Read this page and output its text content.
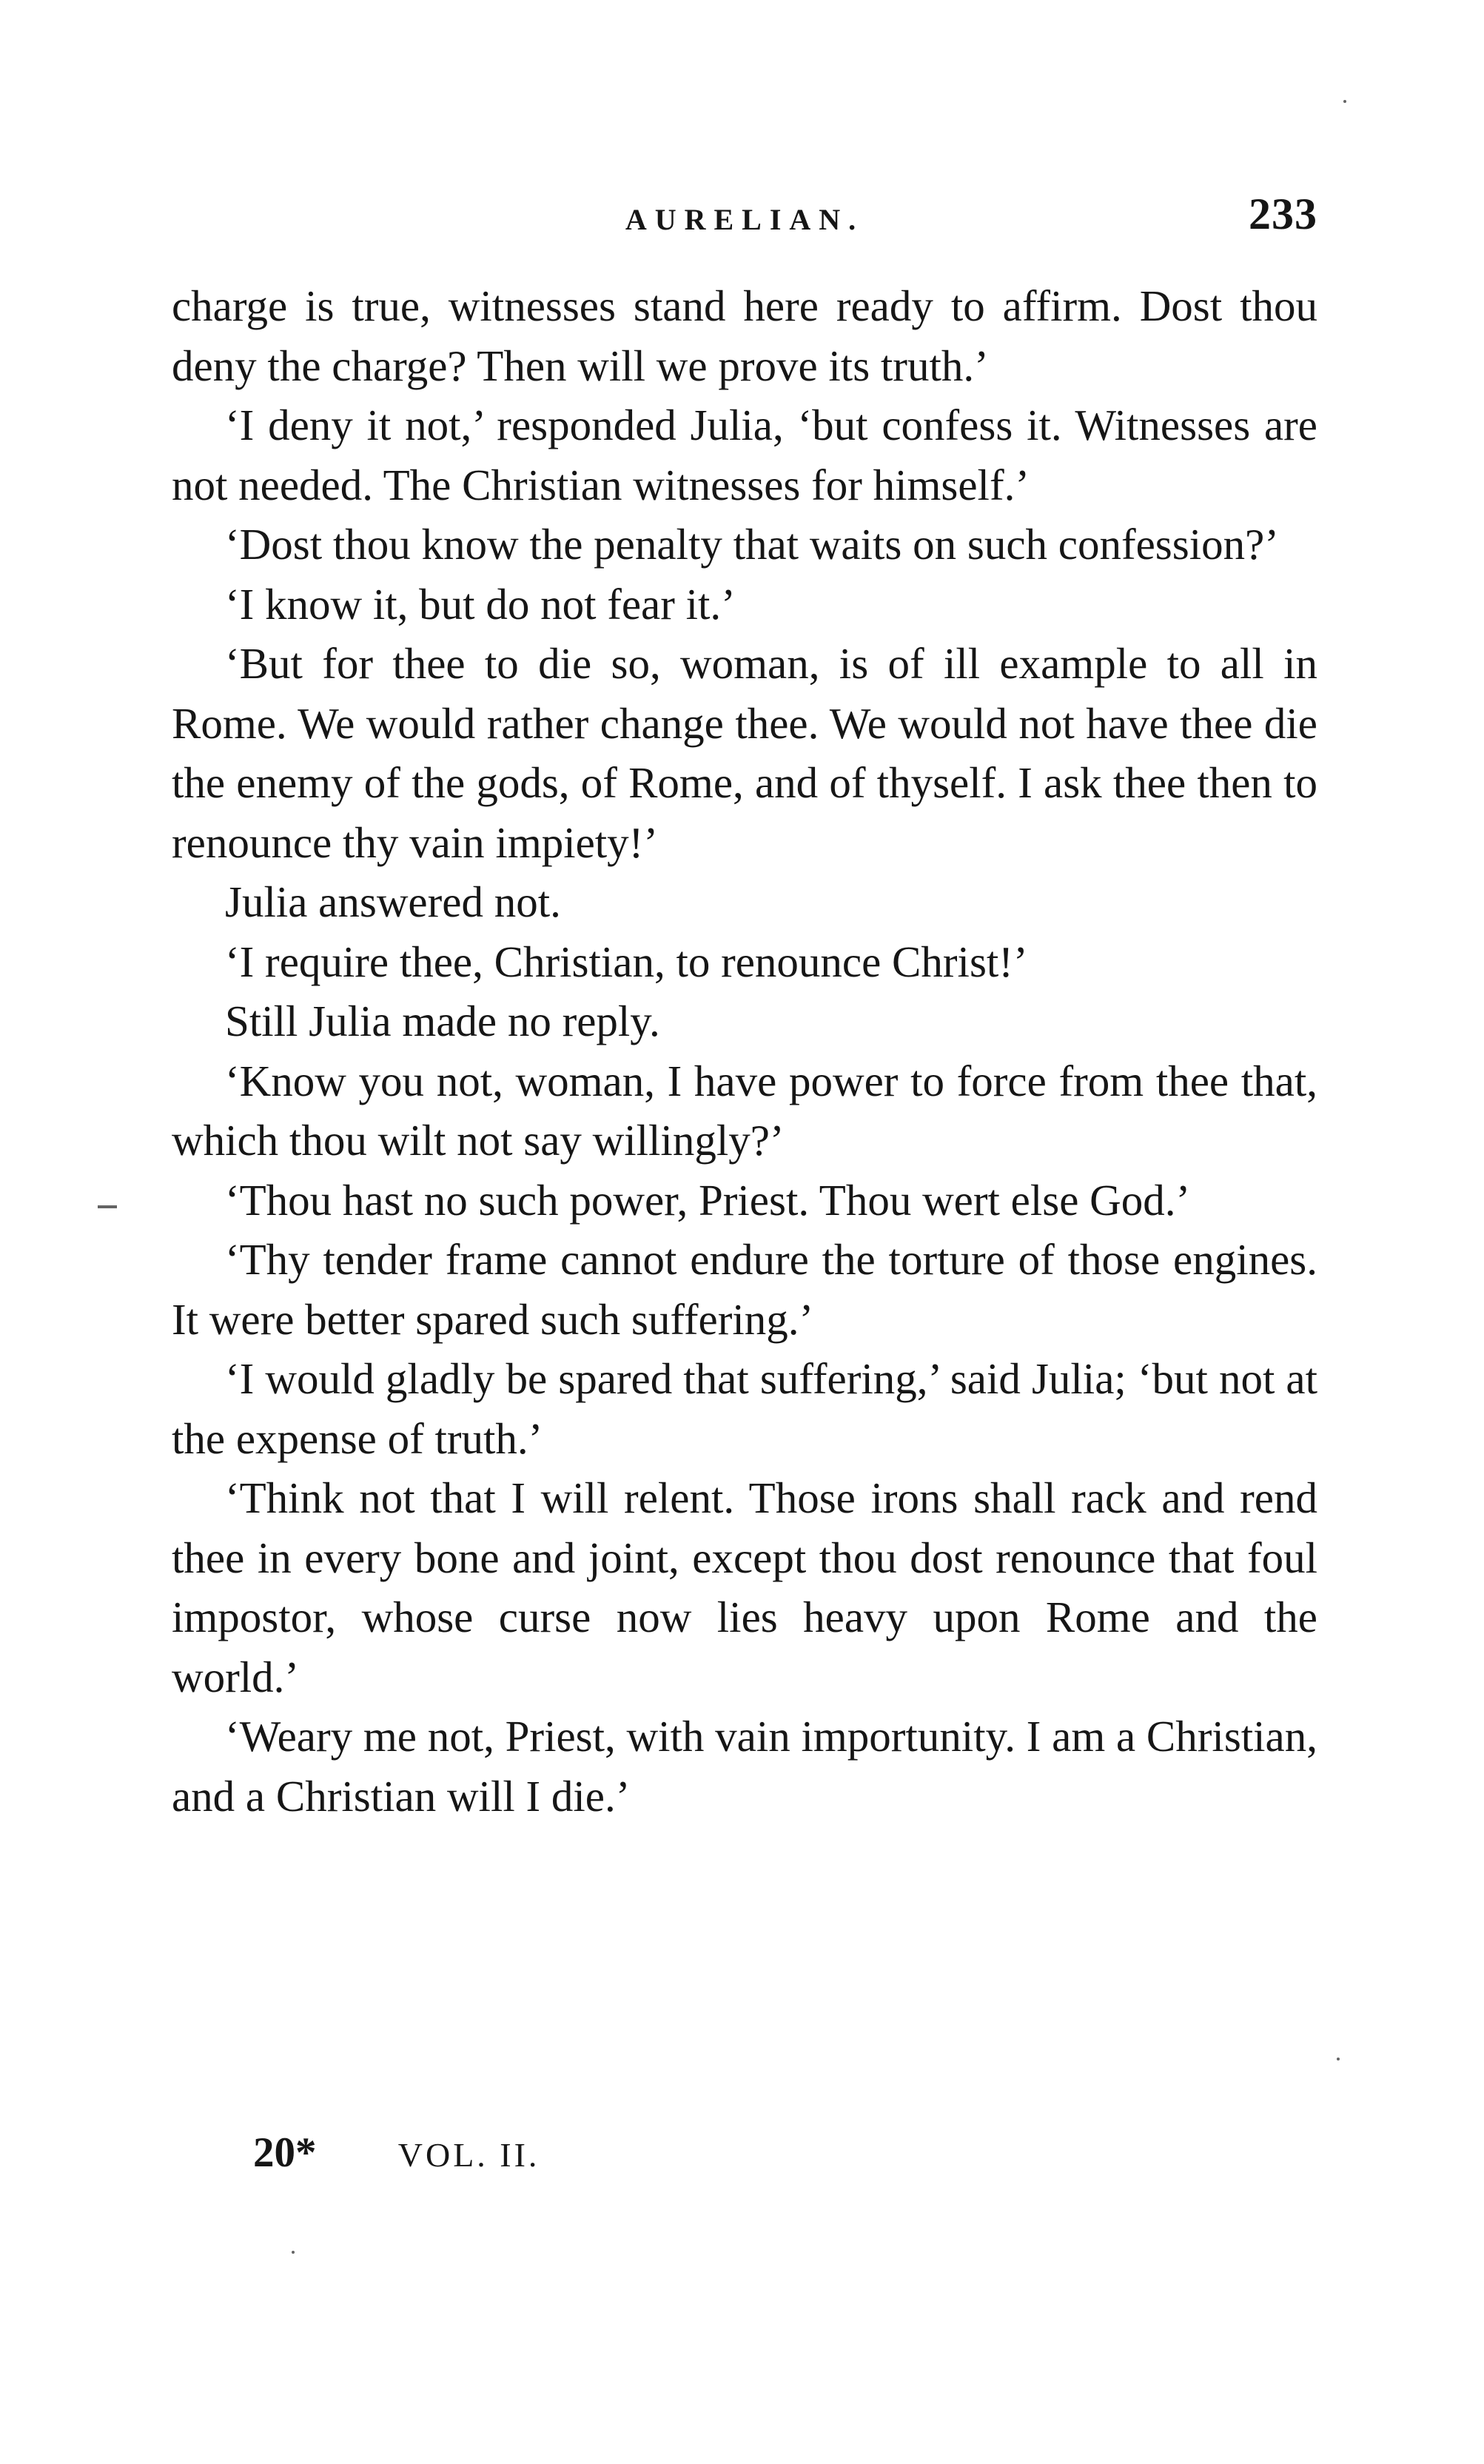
AURELIAN.	233

charge is true, witnesses stand here ready to affirm. Dost thou deny the charge? Then will we prove its truth.’

‘I deny it not,’ responded Julia, ‘but confess it. Witnesses are not needed. The Christian witnesses for himself.’

‘Dost thou know the penalty that waits on such confession?’

‘I know it, but do not fear it.’

‘But for thee to die so, woman, is of ill example to all in Rome. We would rather change thee. We would not have thee die the enemy of the gods, of Rome, and of thyself. I ask thee then to renounce thy vain impiety!’

Julia answered not.

‘I require thee, Christian, to renounce Christ!’

Still Julia made no reply.

‘Know you not, woman, I have power to force from thee that, which thou wilt not say willingly?’

‘Thou hast no such power, Priest. Thou wert else God.’

‘Thy tender frame cannot endure the torture of those engines. It were better spared such suffering.’

‘I would gladly be spared that suffering,’ said Julia; ‘but not at the expense of truth.’

‘Think not that I will relent. Those irons shall rack and rend thee in every bone and joint, except thou dost renounce that foul impostor, whose curse now lies heavy upon Rome and the world.’

‘Weary me not, Priest, with vain importunity. I am a Christian, and a Christian will I die.’

20* VOL. II.
